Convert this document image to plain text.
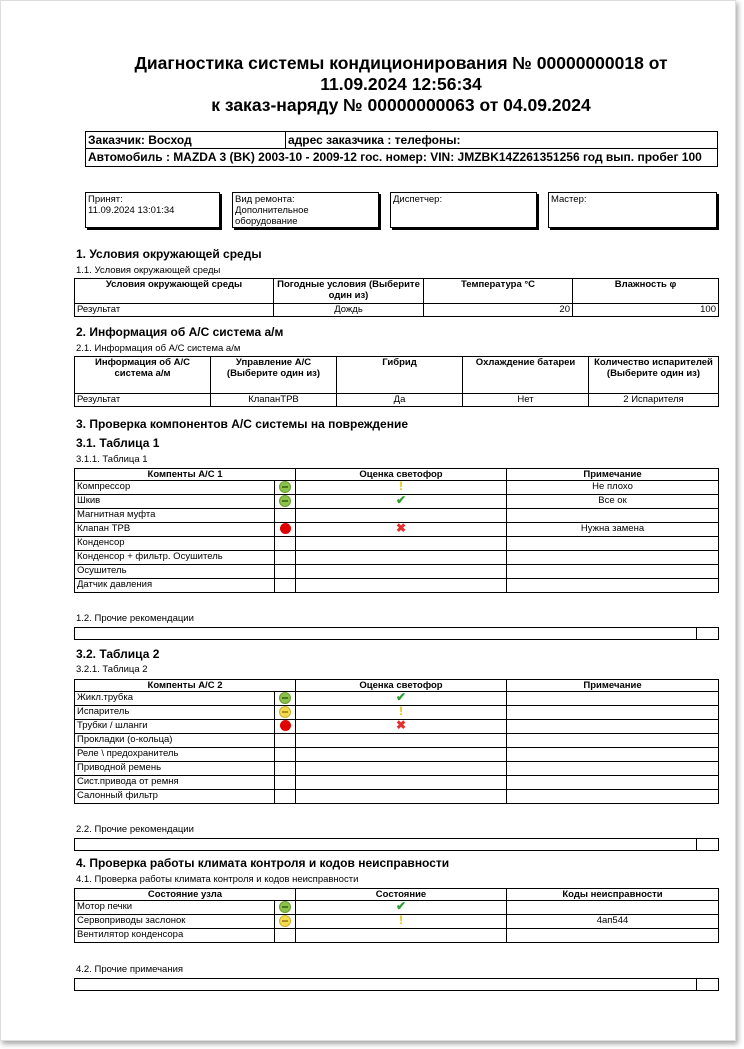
Диагностика системы кондиционирования № 00000000018 от
11.09.2024 12:56:34
к заказ-наряду № 00000000063 от 04.09.2024
Заказчик: Восход	адрес заказчика : телефоны:
Автомобиль : MAZDA 3 (BK) 2003-10 - 2009-12 гос. номер: VIN: JMZBK14Z261351256 год вып. пробег 100
Принят:
11.09.2024 13:01:34
Вид ремонта:
Дополнительное
оборудование
Диспетчер:	Мастер:
1. Условия окружающей среды
1.1. Условия окружающей среды
Условия окружающей среды	Погодные условия (Выберите один из)	Температура °C	Влажность φ
Результат	Дождь	20	100
2. Информация об A/C система а/м
2.1. Информация об A/C система а/м
Информация об A/C система а/м	Управление A/C (Выберите один из)	Гибрид	Охлаждение батареи	Количество испарителей (Выберите один из)
Результат	КлапанТРВ	Да	Нет	2 Испарителя
3. Проверка компонентов A/C системы на повреждение
3.1. Таблица 1
3.1.1. Таблица 1
Компенты A/C 1		Оценка светофор	Примечание
Компрессор		!	Не плохо
Шкив		✔	Все ок
Магнитная муфта			
Клапан ТРВ		✖	Нужна замена
Конденсор			
Конденсор + фильтр. Осушитель			
Осушитель			
Датчик давления			
1.2. Прочие рекомендации

3.2. Таблица 2
3.2.1. Таблица 2
Компенты A/C 2		Оценка светофор	Примечание
Жикл.трубка		✔	
Испаритель		!	
Трубки / шланги		✖	
Прокладки (о-кольца)			
Реле \ предохранитель			
Приводной ремень			
Сист.привода от ремня			
Салонный фильтр			
2.2. Прочие рекомендации

4. Проверка работы климата контроля и кодов неисправности
4.1. Проверка работы климата контроля и кодов неисправности
Состояние узла		Состояние	Коды неисправности
Мотор печки		✔	
Сервоприводы заслонок		!	4ап544
Вентилятор конденсора			
4.2. Прочие примечания
